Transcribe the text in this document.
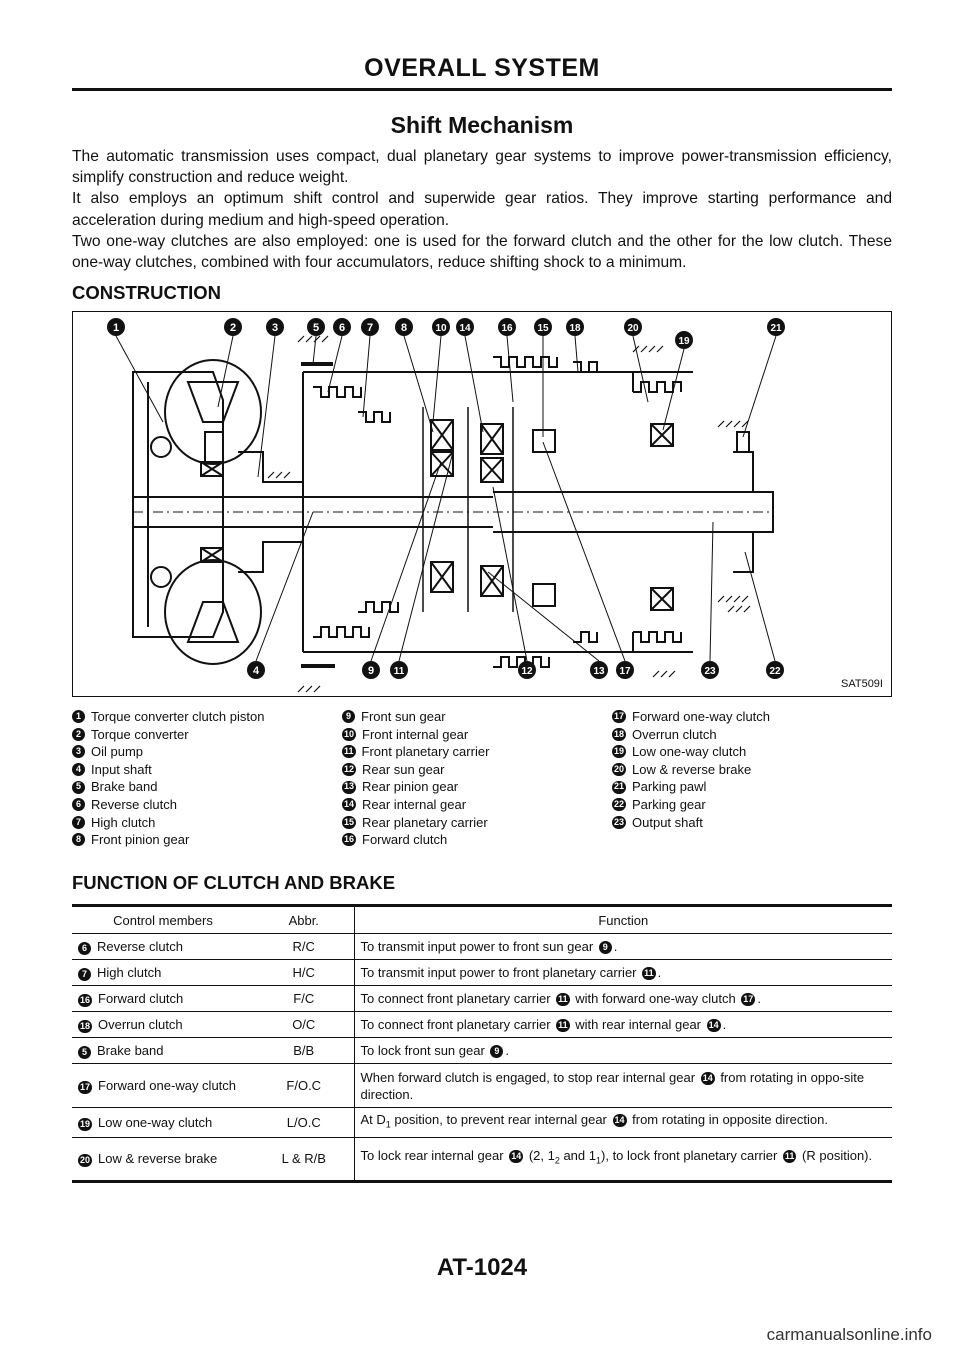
OVERALL SYSTEM
Shift Mechanism

The automatic transmission uses compact, dual planetary gear systems to improve power-transmission efficiency, simplify construction and reduce weight.

It also employs an optimum shift control and superwide gear ratios. They improve starting performance and acceleration during medium and high-speed operation.

Two one-way clutches are also employed: one is used for the forward clutch and the other for the low clutch. These one-way clutches, combined with four accumulators, reduce shifting shock to a minimum.

CONSTRUCTION
1	2	3	5 6 7	8	10 14	16 15 18	20
19
21
4	9 11	12	13 17	23	22
SAT509I
1 Torque converter clutch piston
2 Torque converter
3 Oil pump
4 Input shaft
5 Brake band
6 Reverse clutch
7 High clutch
8 Front pinion gear
9 Front sun gear
10 Front internal gear
11 Front planetary carrier
12 Rear sun gear
13 Rear pinion gear
14 Rear internal gear
15 Rear planetary carrier
16 Forward clutch
17 Forward one-way clutch
18 Overrun clutch
19 Low one-way clutch
20 Low & reverse brake
21 Parking pawl
22 Parking gear
23 Output shaft
FUNCTION OF CLUTCH AND BRAKE
Control members	Abbr.	Function
6 Reverse clutch	R/C	To transmit input power to front sun gear 9 .
7 High clutch	H/C	To transmit input power to front planetary carrier 11 .
16 Forward clutch	F/C	To connect front planetary carrier 11 with forward one-way clutch 17 .
18 Overrun clutch	O/C	To connect front planetary carrier 11 with rear internal gear 14 .
5 Brake band	B/B	To lock front sun gear 9 .
17 Forward one-way clutch	F/O.C	When forward clutch is engaged, to stop rear internal gear 14 from rotating in oppo-site direction.
19 Low one-way clutch	L/O.C	At $D_1$ position, to prevent rear internal gear 14 from rotating in opposite direction.
20 Low & reverse brake	L & R/B	To lock rear internal gear 14 (2, $1_2$ and $1_1$), to lock front planetary carrier 11 (R position).
AT-1024
carmanualsonline.info
